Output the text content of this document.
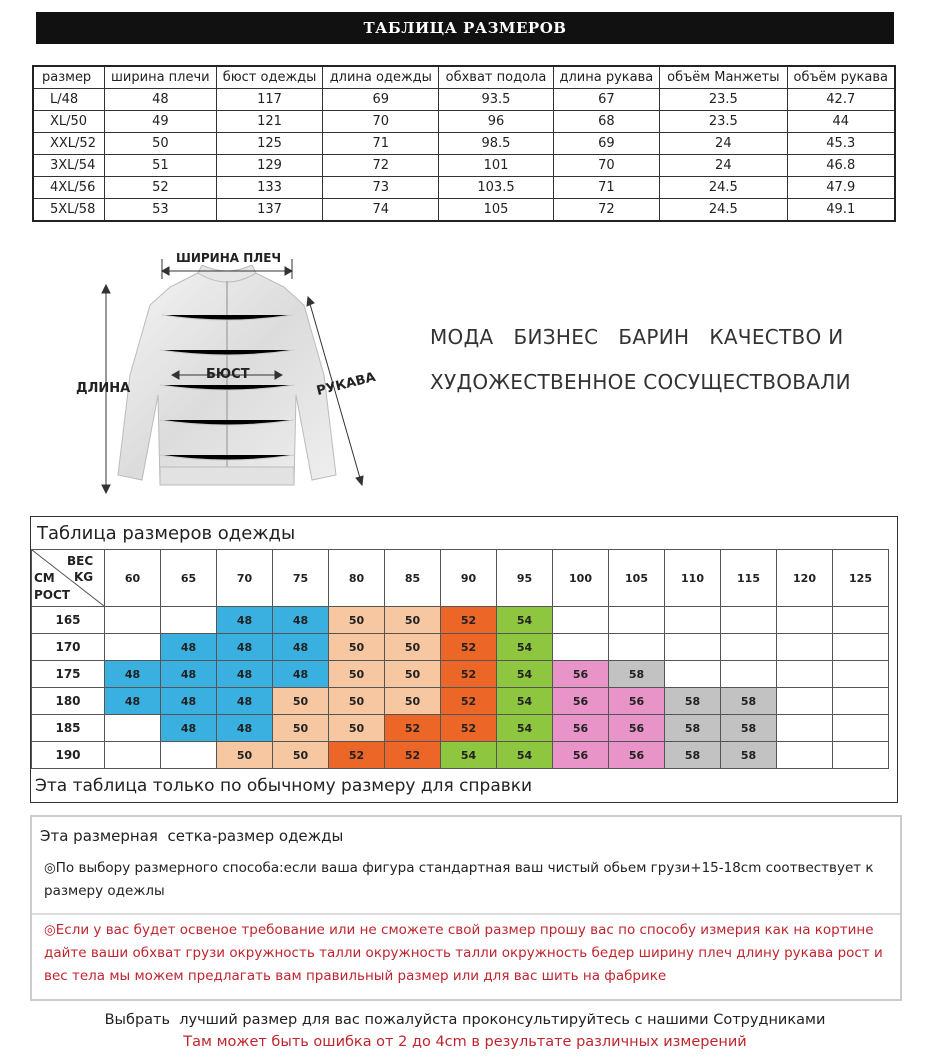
ТАБЛИЦА РАЗМЕРОВ
размер	ширина плечи	бюст одежды	длина одежды	обхват подола	длина рукава	объём Манжеты	объём рукава
L/48	48	117	69	93.5	67	23.5	42.7
XL/50	49	121	70	96	68	23.5	44
XXL/52	50	125	71	98.5	69	24	45.3
3XL/54	51	129	72	101	70	24	46.8
4XL/56	52	133	73	103.5	71	24.5	47.9
5XL/58	53	137	74	105	72	24.5	49.1
ШИРИНА ПЛЕЧ
ДЛИНА
БЮСТ	РУКАВА
МОДА   БИЗНЕС   БАРИН   КАЧЕСТВО И
ХУДОЖЕСТВЕННОЕ СОСУЩЕСТВОВАЛИ
Таблица размеров одежды
ВЕС
KG
CM
РОСТ	60	65	70	75	80	85	90	95	100	105	110	115	120	125
165			48	48	50	50	52	54						
170		48	48	48	50	50	52	54						
175	48	48	48	48	50	50	52	54	56	58				
180	48	48	48	50	50	50	52	54	56	56	58	58		
185		48	48	50	50	52	52	54	56	56	58	58		
190			50	50	52	52	54	54	56	56	58	58		
Эта таблица только по обычному размеру для справки
Эта размерная  сетка-размер одежды
◎По выбору размерного способа:если ваша фигура стандартная ваш чистый обьем грузи+15-18cm соотвествует к размеру одежлы
◎Если у вас будет освеное требование или не сможете свой размер прошу вас по способу измерия как на кортине дайте ваши обхват грузи окружность талли окружность талли окружность бедер ширину плеч длину рукава рост и вес тела мы можем предлагать вам правильный размер или для вас шить на фабрике
Выбрать  лучший размер для вас пожалуйста проконсультируйтесь с нашими Сотрудниками
Там может быть ошибка от 2 до 4cm в результате различных измерений
